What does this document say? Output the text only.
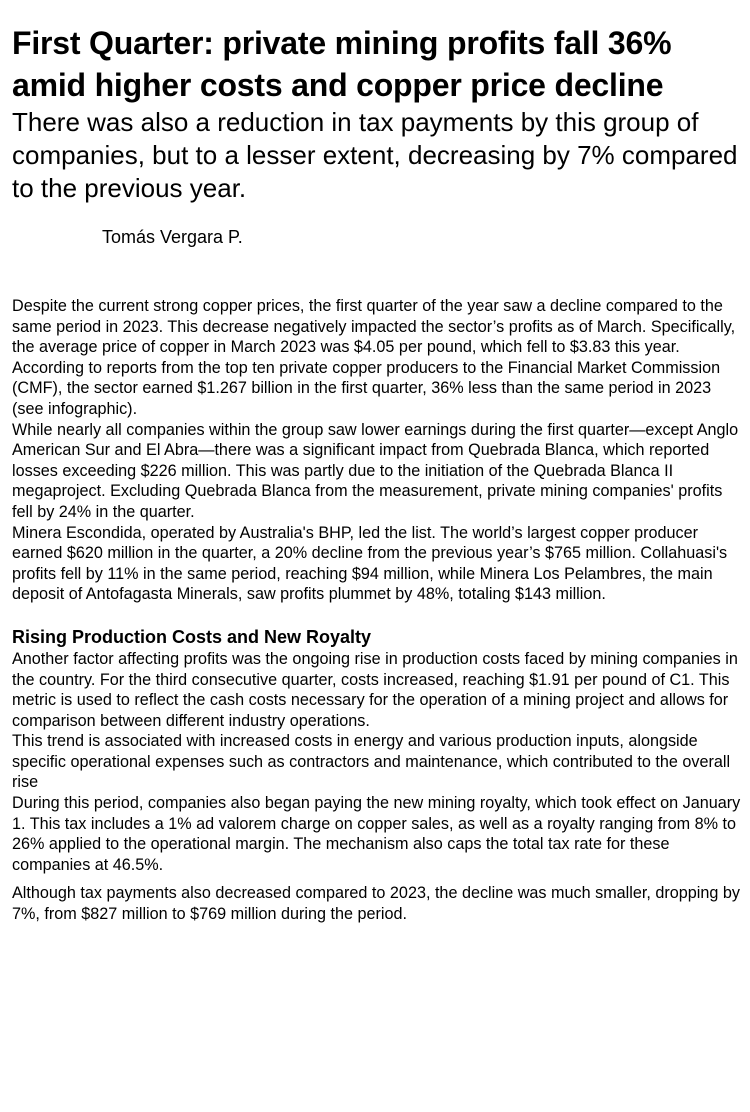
First Quarter: private mining profits fall 36% amid higher costs and copper price decline
There was also a reduction in tax payments by this group of companies, but to a lesser extent, decreasing by 7% compared to the previous year.
Tomás Vergara P.

Despite the current strong copper prices, the first quarter of the year saw a decline compared to the same period in 2023. This decrease negatively impacted the sector’s profits as of March. Specifically, the average price of copper in March 2023 was $4.05 per pound, which fell to $3.83 this year.

According to reports from the top ten private copper producers to the Financial Market Commission (CMF), the sector earned $1.267 billion in the first quarter, 36% less than the same period in 2023 (see infographic).

While nearly all companies within the group saw lower earnings during the first quarter—except Anglo American Sur and El Abra—there was a significant impact from Quebrada Blanca, which reported losses exceeding $226 million. This was partly due to the initiation of the Quebrada Blanca II megaproject. Excluding Quebrada Blanca from the measurement, private mining companies' profits fell by 24% in the quarter.

Minera Escondida, operated by Australia's BHP, led the list. The world’s largest copper producer earned $620 million in the quarter, a 20% decline from the previous year’s $765 million. Collahuasi's profits fell by 11% in the same period, reaching $94 million, while Minera Los Pelambres, the main deposit of Antofagasta Minerals, saw profits plummet by 48%, totaling $143 million.

Rising Production Costs and New Royalty

Another factor affecting profits was the ongoing rise in production costs faced by mining companies in the country. For the third consecutive quarter, costs increased, reaching $1.91 per pound of C1. This metric is used to reflect the cash costs necessary for the operation of a mining project and allows for comparison between different industry operations.

This trend is associated with increased costs in energy and various production inputs, alongside specific operational expenses such as contractors and maintenance, which contributed to the overall rise

During this period, companies also began paying the new mining royalty, which took effect on January 1. This tax includes a 1% ad valorem charge on copper sales, as well as a royalty ranging from 8% to 26% applied to the operational margin. The mechanism also caps the total tax rate for these companies at 46.5%.

Although tax payments also decreased compared to 2023, the decline was much smaller, dropping by 7%, from $827 million to $769 million during the period.
